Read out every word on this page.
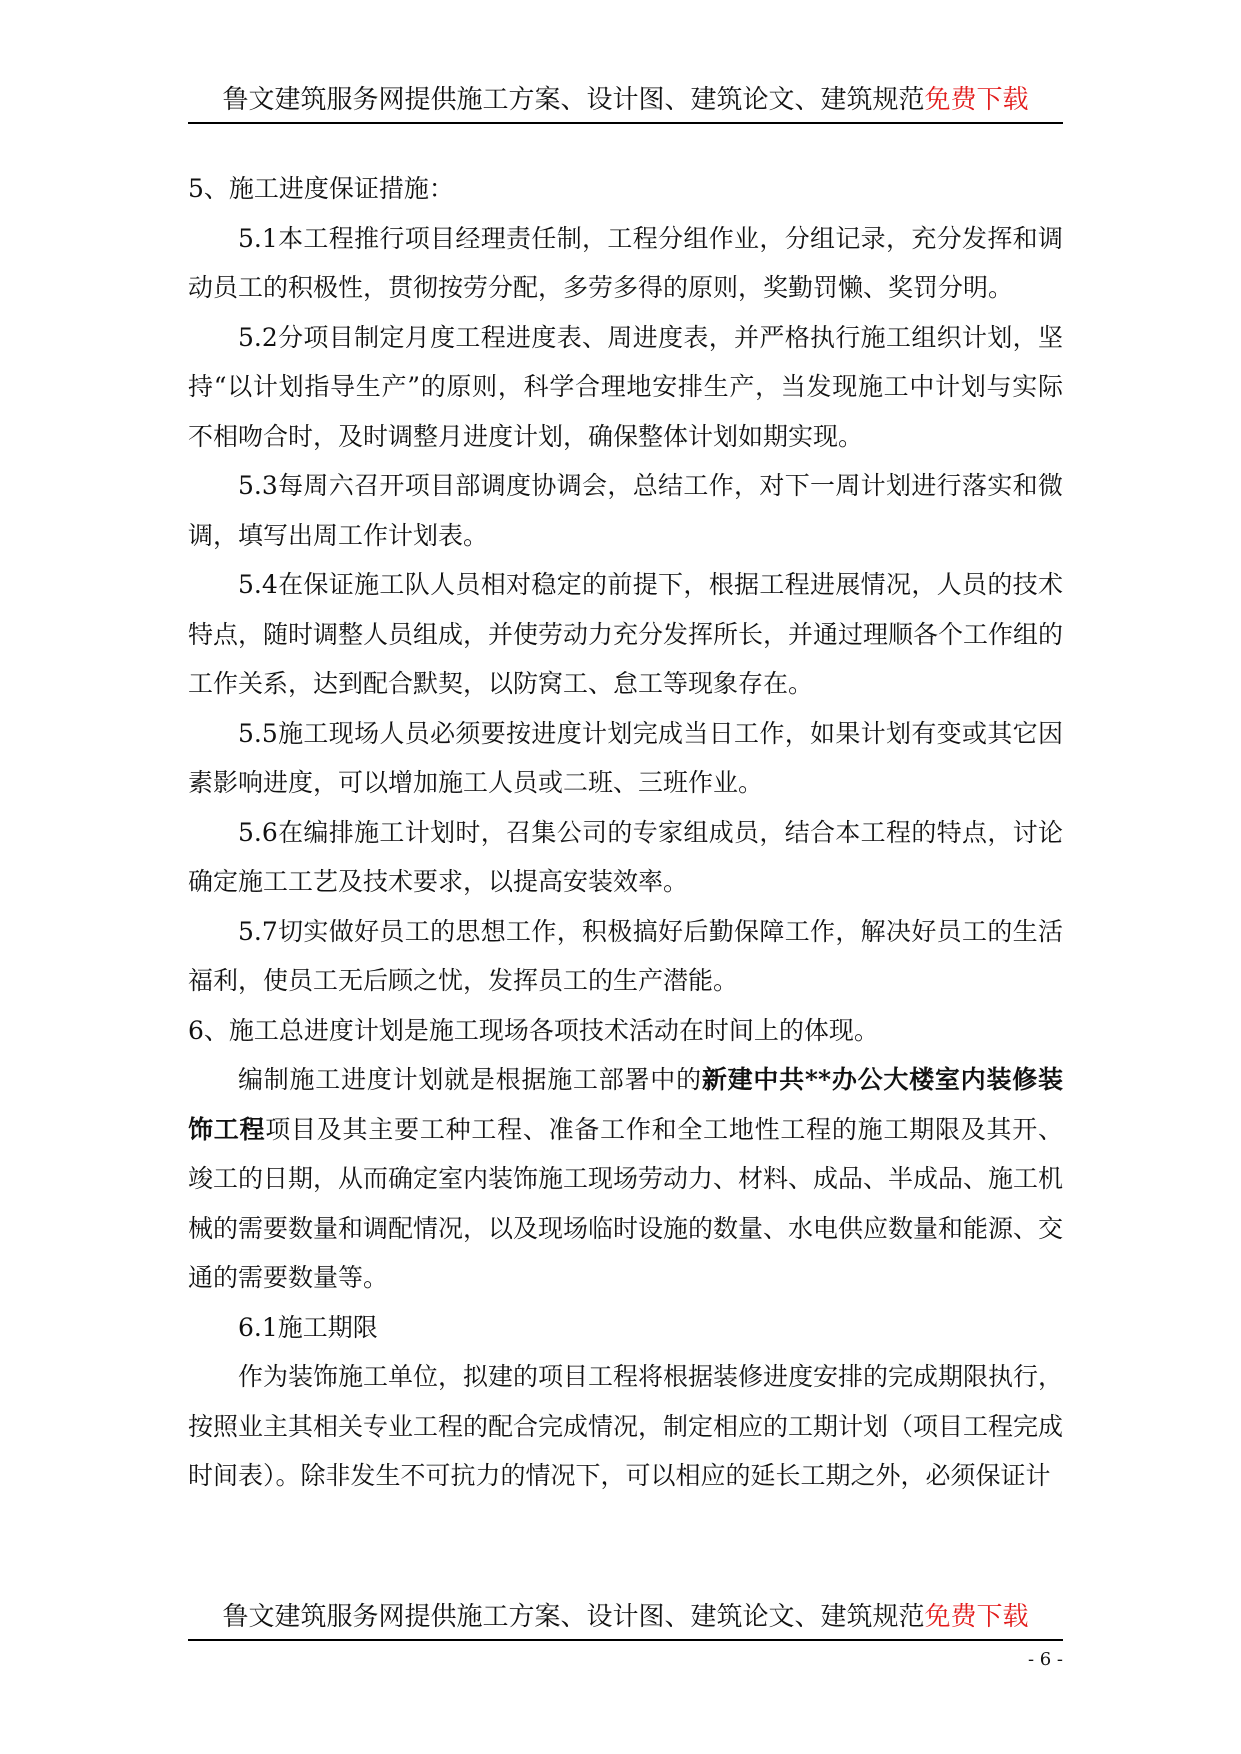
鲁文建筑服务网提供施工方案、设计图、建筑论文、建筑规范免费下载

5、施工进度保证措施：

5.1本工程推行项目经理责任制，工程分组作业，分组记录，充分发挥和调动员工的积极性，贯彻按劳分配，多劳多得的原则，奖勤罚懒、奖罚分明。

5.2分项目制定月度工程进度表、周进度表，并严格执行施工组织计划，坚持“以计划指导生产”的原则，科学合理地安排生产，当发现施工中计划与实际不相吻合时，及时调整月进度计划，确保整体计划如期实现。

5.3每周六召开项目部调度协调会，总结工作，对下一周计划进行落实和微调，填写出周工作计划表。

5.4在保证施工队人员相对稳定的前提下，根据工程进展情况，人员的技术特点，随时调整人员组成，并使劳动力充分发挥所长，并通过理顺各个工作组的工作关系，达到配合默契，以防窝工、怠工等现象存在。

5.5施工现场人员必须要按进度计划完成当日工作，如果计划有变或其它因素影响进度，可以增加施工人员或二班、三班作业。

5.6在编排施工计划时，召集公司的专家组成员，结合本工程的特点，讨论确定施工工艺及技术要求，以提高安装效率。

5.7切实做好员工的思想工作，积极搞好后勤保障工作，解决好员工的生活福利，使员工无后顾之忧，发挥员工的生产潜能。

6、施工总进度计划是施工现场各项技术活动在时间上的体现。

编制施工进度计划就是根据施工部署中的新建中共**办公大楼室内装修装饰工程项目及其主要工种工程、准备工作和全工地性工程的施工期限及其开、竣工的日期，从而确定室内装饰施工现场劳动力、材料、成品、半成品、施工机械的需要数量和调配情况，以及现场临时设施的数量、水电供应数量和能源、交通的需要数量等。

6.1施工期限

作为装饰施工单位，拟建的项目工程将根据装修进度安排的完成期限执行，按照业主其相关专业工程的配合完成情况，制定相应的工期计划（项目工程完成时间表）。除非发生不可抗力的情况下，可以相应的延长工期之外，必须保证计

鲁文建筑服务网提供施工方案、设计图、建筑论文、建筑规范免费下载
- 6 -
